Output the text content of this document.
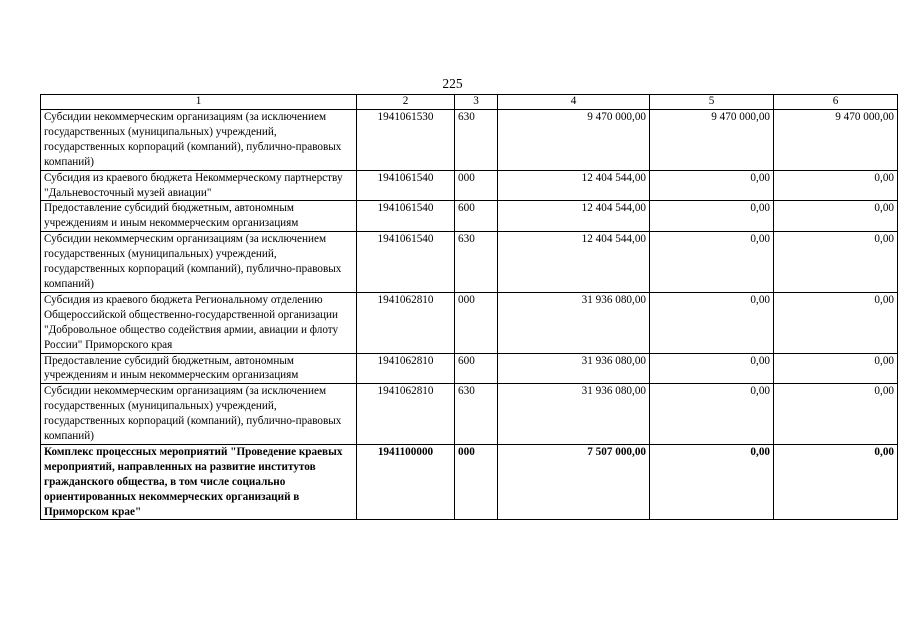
225
1	2	3	4	5	6
Субсидии некоммерческим организациям (за исключением государственных (муниципальных) учреждений, государственных корпораций (компаний), публично-правовых компаний)	1941061530	630	9 470 000,00	9 470 000,00	9 470 000,00
Субсидия из краевого бюджета Некоммерческому партнерству "Дальневосточный музей авиации"	1941061540	000	12 404 544,00	0,00	0,00
Предоставление субсидий бюджетным, автономным учреждениям и иным некоммерческим организациям	1941061540	600	12 404 544,00	0,00	0,00
Субсидии некоммерческим организациям (за исключением государственных (муниципальных) учреждений, государственных корпораций (компаний), публично-правовых компаний)	1941061540	630	12 404 544,00	0,00	0,00
Субсидия из краевого бюджета Региональному отделению Общероссийской общественно-государственной организации "Добровольное общество содействия армии, авиации и флоту России" Приморского края	1941062810	000	31 936 080,00	0,00	0,00
Предоставление субсидий бюджетным, автономным учреждениям и иным некоммерческим организациям	1941062810	600	31 936 080,00	0,00	0,00
Субсидии некоммерческим организациям (за исключением государственных (муниципальных) учреждений, государственных корпораций (компаний), публично-правовых компаний)	1941062810	630	31 936 080,00	0,00	0,00
Комплекс процессных мероприятий "Проведение краевых мероприятий, направленных на развитие институтов гражданского общества, в том числе социально ориентированных некоммерческих организаций в Приморском крае"	1941100000	000	7 507 000,00	0,00	0,00
